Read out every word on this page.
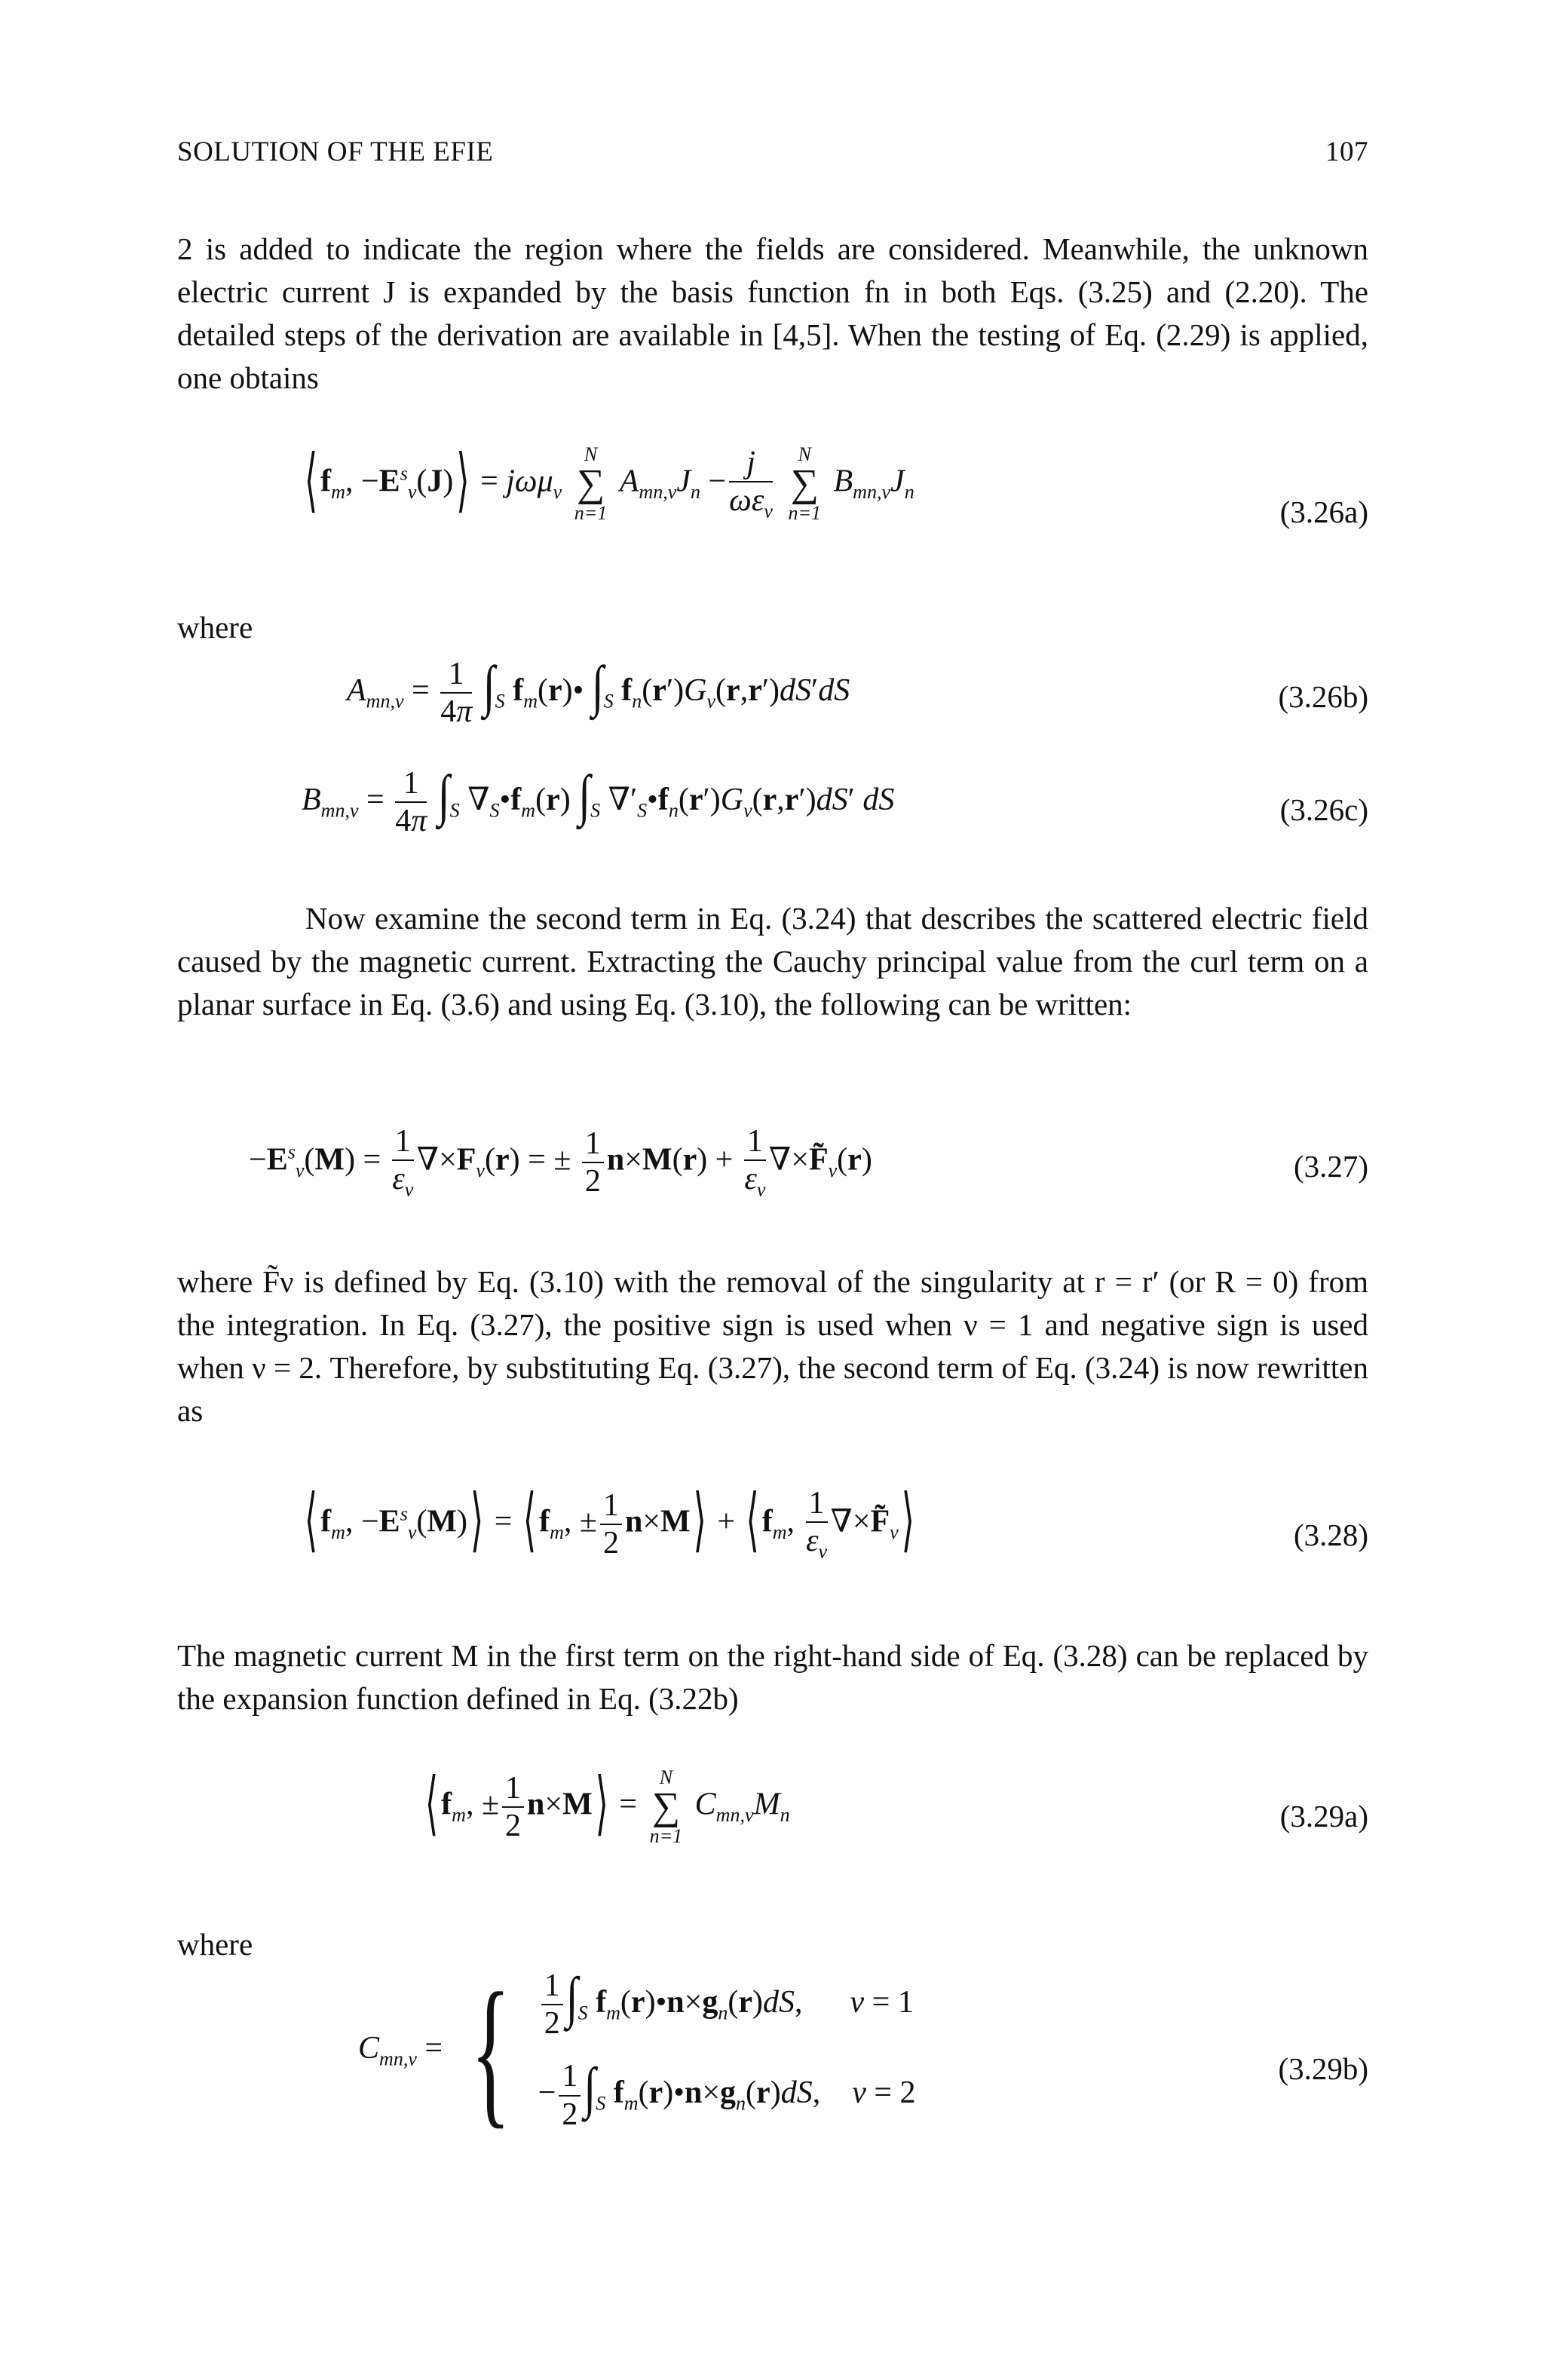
SOLUTION OF THE EFIE	107

2 is added to indicate the region where the fields are considered. Meanwhile, the unknown electric current J is expanded by the basis function fn in both Eqs. (3.25) and (2.20). The detailed steps of the derivation are available in [4,5]. When the testing of Eq. (2.29) is applied, one obtains

$⟨f_m$, $-E^s_\nu(J)⟩ = j\omega\mu_\nu$
N
∑
n=1
$A_{mn,\nu}J_n - \frac{j}{\omega\varepsilon_\nu}$
	N
∑
n=1
$B_{mn,\nu}J_n$
(3.26a)
where
$A_{mn,\nu} = \frac{1}{4\pi} \int_S$ $f_m(r)•$ $\int_S$ $f_n(r')G_\nu(r,r')dS'dS$	(3.26b)
$B_{mn,\nu} = \frac{1}{4\pi} \int_S$ $\nabla_S•f_m(r)$ $\int_S$ $\nabla'_S•f_n(r')G_\nu(r,r')dS'$ dS	(3.26c)

Now examine the second term in Eq. (3.24) that describes the scattered electric field caused by the magnetic current. Extracting the Cauchy principal value from the curl term on a planar surface in Eq. (3.6) and using Eq. (3.10), the following can be written:

$-E^s_\nu(M) = \frac{1}{\varepsilon_\nu} \nabla\times F_\nu(r)$ = ± $\frac{1}{2} n\times M(r) + \frac{1}{\varepsilon_\nu}$ $\nabla\times F̃_\nu(r)$	(3.27)

where F̃ν is defined by Eq. (3.10) with the removal of the singularity at r = r′ (or R = 0) from the integration. In Eq. (3.27), the positive sign is used when ν = 1 and negative sign is used when ν = 2. Therefore, by substituting Eq. (3.27), the second term of Eq. (3.24) is now rewritten as

$⟨f_m$, $-E^s_\nu(M)⟩$ = $⟨f_m$, ± $\frac{1}{2}$ n×M⟩ + $⟨f_m$, $\frac{1}{\varepsilon_\nu}$ $\nabla\times F̃_\nu⟩$	(3.28)

The magnetic current M in the first term on the right-hand side of Eq. (3.28) can be replaced by the expansion function defined in Eq. (3.22b)

$⟨f_m$, ± $\frac{1}{2}$ n×M⟩ =
N
∑
n=1
$C_{mn,\nu}M_n$	(3.29a)
where
$C_{mn,\nu}$ = { $\frac{1}{2} \int_S$ $f_m(r)•n\times g_n(r)dS$,      ν = 1
− $\frac{1}{2} \int_S$ $f_m(r)•n\times g_n(r)dS$,    ν = 2
(3.29b)
